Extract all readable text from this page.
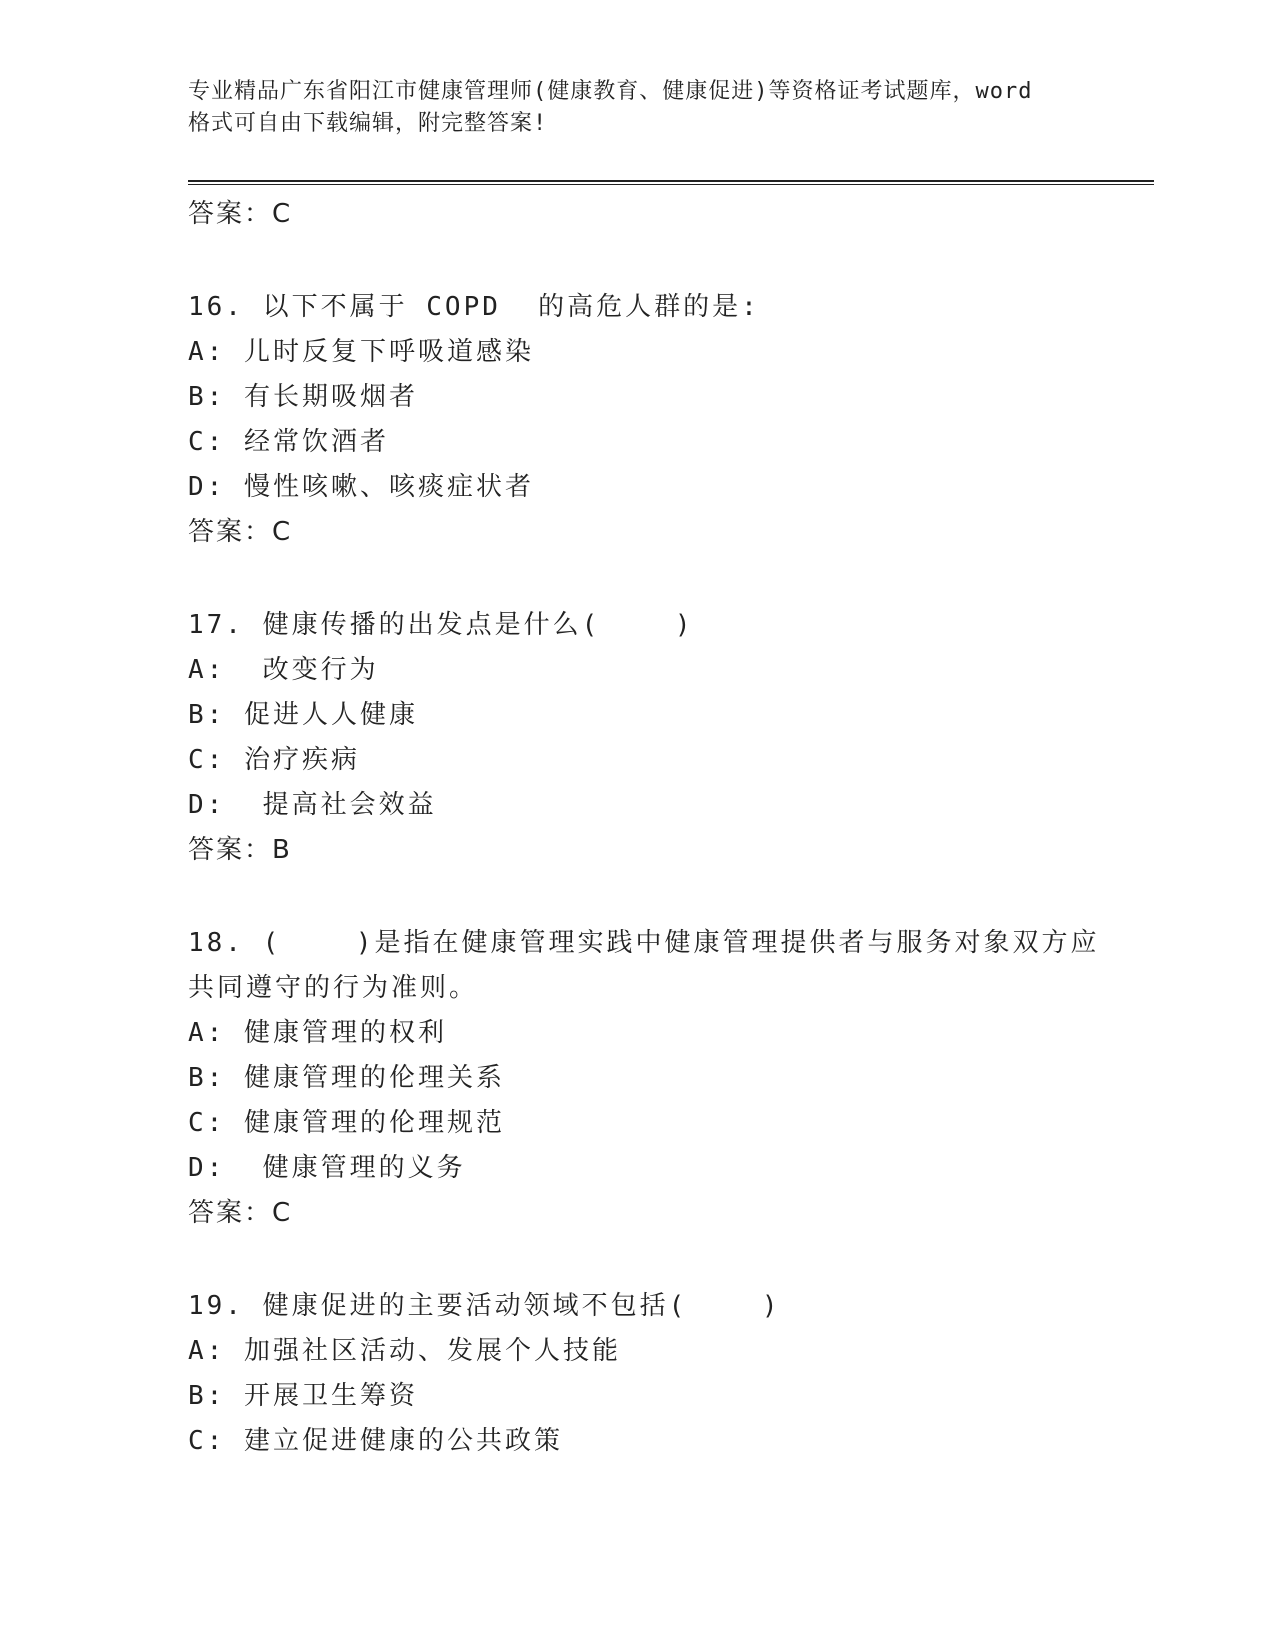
专业精品广东省阳江市健康管理师(健康教育、健康促进)等资格证考试题库，word
格式可自由下载编辑，附完整答案!
答案：C
16. 以下不属于 COPD  的高危人群的是:
A: 儿时反复下呼吸道感染
B: 有长期吸烟者
C: 经常饮酒者
D: 慢性咳嗽、咳痰症状者
答案：C
17. 健康传播的出发点是什么(    )
A:  改变行为
B: 促进人人健康
C: 治疗疾病
D:  提高社会效益
答案：B
18. (    )是指在健康管理实践中健康管理提供者与服务对象双方应
共同遵守的行为准则。
A: 健康管理的权利
B: 健康管理的伦理关系
C: 健康管理的伦理规范
D:  健康管理的义务
答案：C
19. 健康促进的主要活动领域不包括(    )
A: 加强社区活动、发展个人技能
B: 开展卫生筹资
C: 建立促进健康的公共政策
